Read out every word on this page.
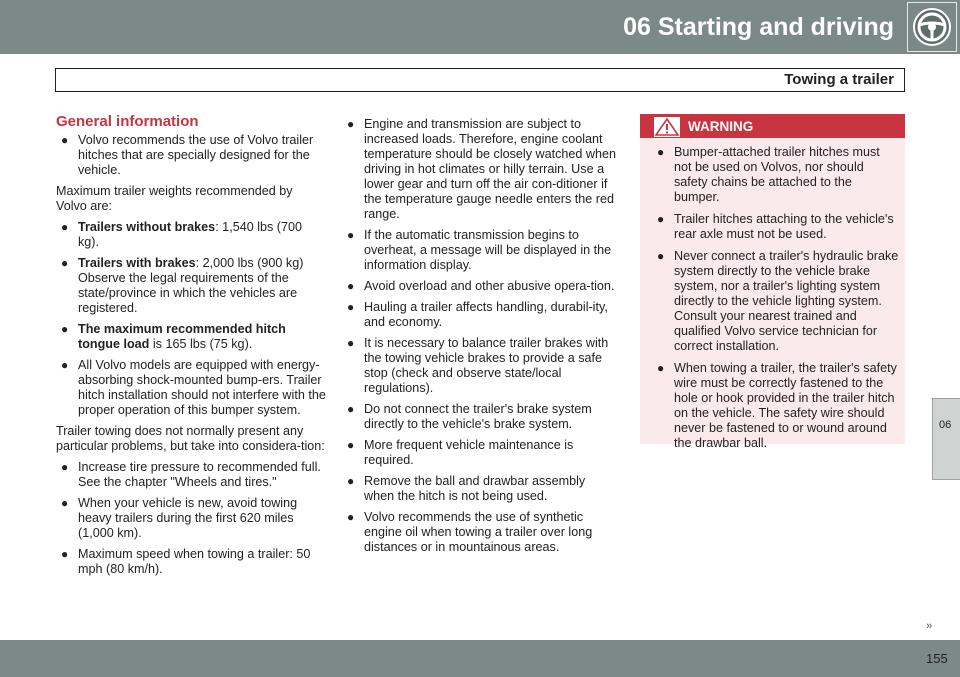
06 Starting and driving
Towing a trailer
06
General information
● Volvo recommends the use of Volvo trailer hitches that are specially designed for the vehicle.

Maximum trailer weights recommended by Volvo are:

● Trailers without brakes: 1,540 lbs (700 kg).
● Trailers with brakes: 2,000 lbs (900 kg) Observe the legal requirements of the state/province in which the vehicles are registered.
● The maximum recommended hitch tongue load is 165 lbs (75 kg).
● All Volvo models are equipped with energy-absorbing shock-mounted bump-ers. Trailer hitch installation should not interfere with the proper operation of this bumper system.

Trailer towing does not normally present any particular problems, but take into considera-tion:

● Increase tire pressure to recommended full. See the chapter "Wheels and tires."
● When your vehicle is new, avoid towing heavy trailers during the first 620 miles (1,000 km).
● Maximum speed when towing a trailer: 50 mph (80 km/h).
● Engine and transmission are subject to increased loads. Therefore, engine coolant temperature should be closely watched when driving in hot climates or hilly terrain. Use a lower gear and turn off the air con-ditioner if the temperature gauge needle enters the red range.
● If the automatic transmission begins to overheat, a message will be displayed in the information display.
● Avoid overload and other abusive opera-tion.
● Hauling a trailer affects handling, durabil-ity, and economy.
● It is necessary to balance trailer brakes with the towing vehicle brakes to provide a safe stop (check and observe state/local regulations).
● Do not connect the trailer's brake system directly to the vehicle's brake system.
● More frequent vehicle maintenance is required.
● Remove the ball and drawbar assembly when the hitch is not being used.
● Volvo recommends the use of synthetic engine oil when towing a trailer over long distances or in mountainous areas.
WARNING
● Bumper-attached trailer hitches must not be used on Volvos, nor should safety chains be attached to the bumper.
● Trailer hitches attaching to the vehicle's rear axle must not be used.
● Never connect a trailer's hydraulic brake system directly to the vehicle brake system, nor a trailer's lighting system directly to the vehicle lighting system. Consult your nearest trained and qualified Volvo service technician for correct installation.
● When towing a trailer, the trailer's safety wire must be correctly fastened to the hole or hook provided in the trailer hitch on the vehicle. The safety wire should never be fastened to or wound around the drawbar ball.
››
155
